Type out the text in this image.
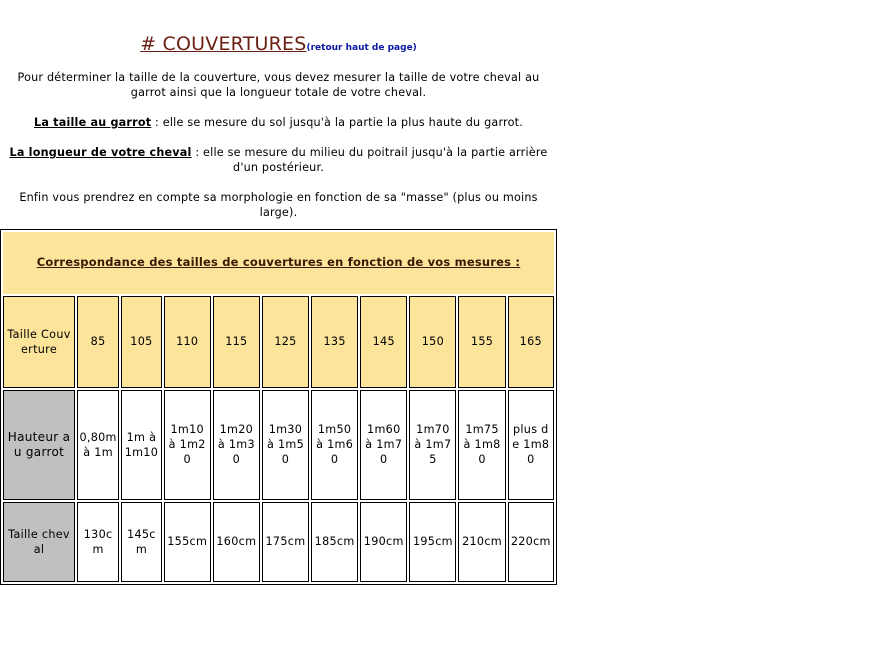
# COUVERTURES(retour haut de page)

Pour déterminer la taille de la couverture, vous devez mesurer la taille de votre cheval au garrot ainsi que la longueur totale de votre cheval.

La taille au garrot : elle se mesure du sol jusqu'à la partie la plus haute du garrot.

La longueur de votre cheval : elle se mesure du milieu du poitrail jusqu'à la partie arrière d'un postérieur.

Enfin vous prendrez en compte sa morphologie en fonction de sa "masse" (plus ou moins large).

Correspondance des tailles de couvertures en fonction de vos mesures :										
Taille Couverture	85	105	110	115	125	135	145	150	155	165
Hauteur au garrot	0,80m à 1m	1m à 1m10	1m10 à 1m20	1m20 à 1m30	1m30 à 1m50	1m50 à 1m60	1m60 à 1m70	1m70 à 1m75	1m75 à 1m80	plus de 1m80
Taille cheval	130cm	145cm	155cm	160cm	175cm	185cm	190cm	195cm	210cm	220cm
